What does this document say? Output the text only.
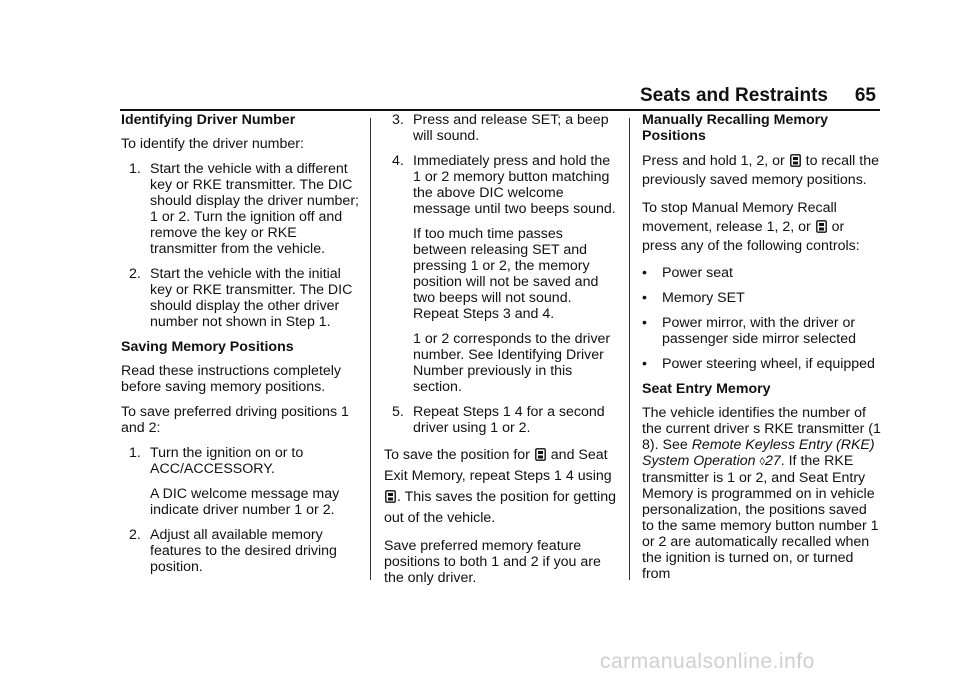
Seats and Restraints 65

Identifying Driver Number

To identify the driver number:

1. Start the vehicle with a different key or RKE transmitter. The DIC should display the driver number; 1 or 2. Turn the ignition off and remove the key or RKE transmitter from the vehicle.
2. Start the vehicle with the initial key or RKE transmitter. The DIC should display the other driver number not shown in Step 1.

Saving Memory Positions

Read these instructions completely before saving memory positions.

To save preferred driving positions 1 and 2:

1. Turn the ignition on or to ACC/ACCESSORY.

A DIC welcome message may indicate driver number 1 or 2.

2. Adjust all available memory features to the desired driving position.
3. Press and release SET; a beep will sound.
4. Immediately press and hold the 1 or 2 memory button matching the above DIC welcome message until two beeps sound.

If too much time passes between releasing SET and pressing 1 or 2, the memory position will not be saved and two beeps will not sound. Repeat Steps 3 and 4.

1 or 2 corresponds to the driver number. See Identifying Driver Number previously in this section.

5. Repeat Steps 1 4 for a second driver using 1 or 2.

To save the position for  and Seat Exit Memory, repeat Steps 1 4 using . This saves the position for getting out of the vehicle.

Save preferred memory feature positions to both 1 and 2 if you are the only driver.

Manually Recalling Memory Positions

Press and hold 1, 2, or  to recall the previously saved memory positions.

To stop Manual Memory Recall movement, release 1, 2, or  or press any of the following controls:

• Power seat
• Memory SET
• Power mirror, with the driver or passenger side mirror selected
• Power steering wheel, if equipped

Seat Entry Memory

The vehicle identifies the number of the current driver s RKE transmitter (1 8). See Remote Keyless Entry (RKE) System Operation ◊27. If the RKE transmitter is 1 or 2, and Seat Entry Memory is programmed on in vehicle personalization, the positions saved to the same memory button number 1 or 2 are automatically recalled when the ignition is turned on, or turned from

carmanualsonline.info
